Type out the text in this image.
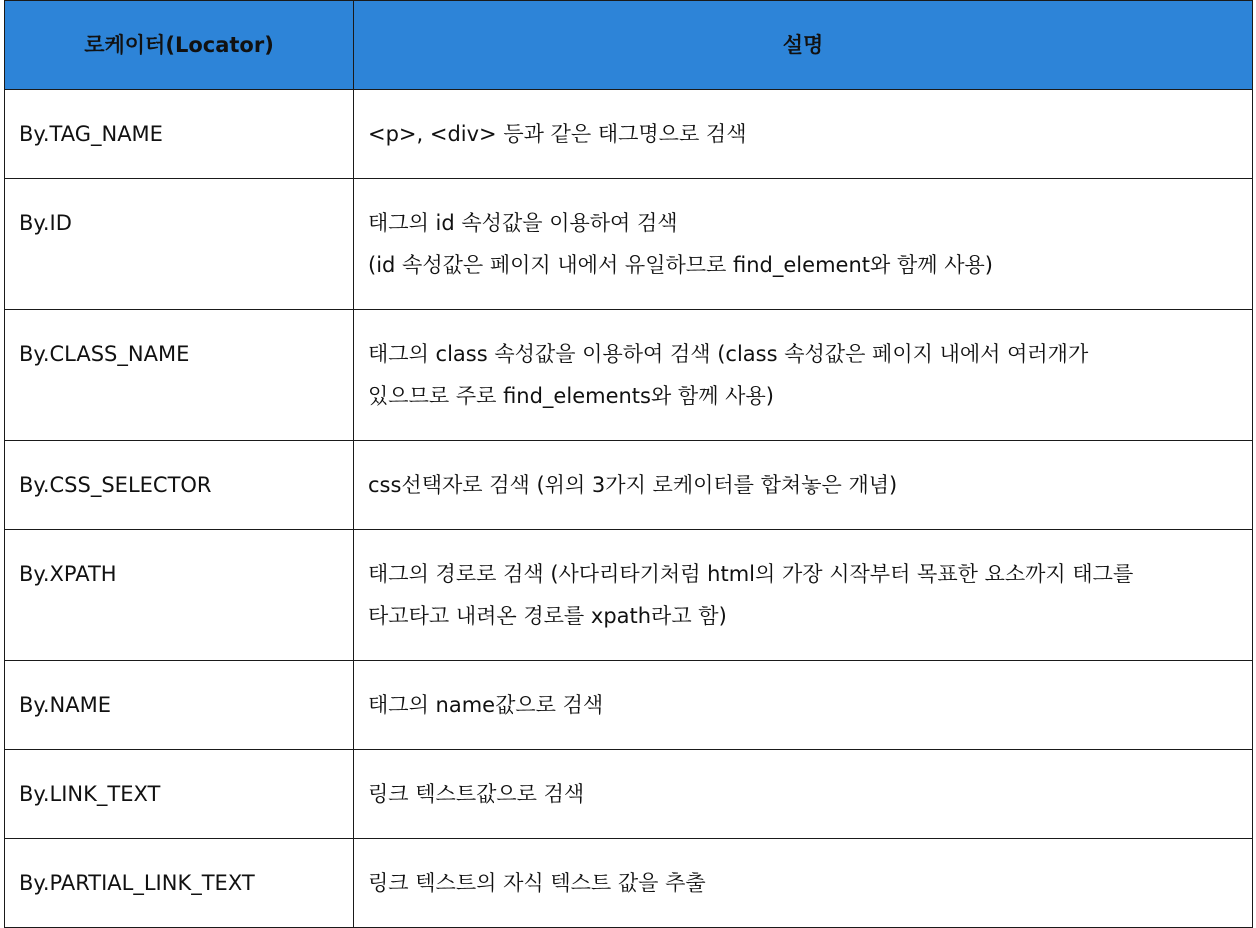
로케이터(Locator)	설명
By.TAG_NAME	<p>, <div> 등과 같은 태그명으로 검색

By.ID	태그의 id 속성값을 이용하여 검색
(id 속성값은 페이지 내에서 유일하므로 find_element와 함께 사용)

By.CLASS_NAME	태그의 class 속성값을 이용하여 검색 (class 속성값은 페이지 내에서 여러개가
있으므로 주로 find_elements와 함께 사용)

By.CSS_SELECTOR	css선택자로 검색 (위의 3가지 로케이터를 합쳐놓은 개념)

By.XPATH	태그의 경로로 검색 (사다리타기처럼 html의 가장 시작부터 목표한 요소까지 태그를
타고타고 내려온 경로를 xpath라고 함)

By.NAME	태그의 name값으로 검색

By.LINK_TEXT	링크 텍스트값으로 검색

By.PARTIAL_LINK_TEXT	링크 텍스트의 자식 텍스트 값을 추출
